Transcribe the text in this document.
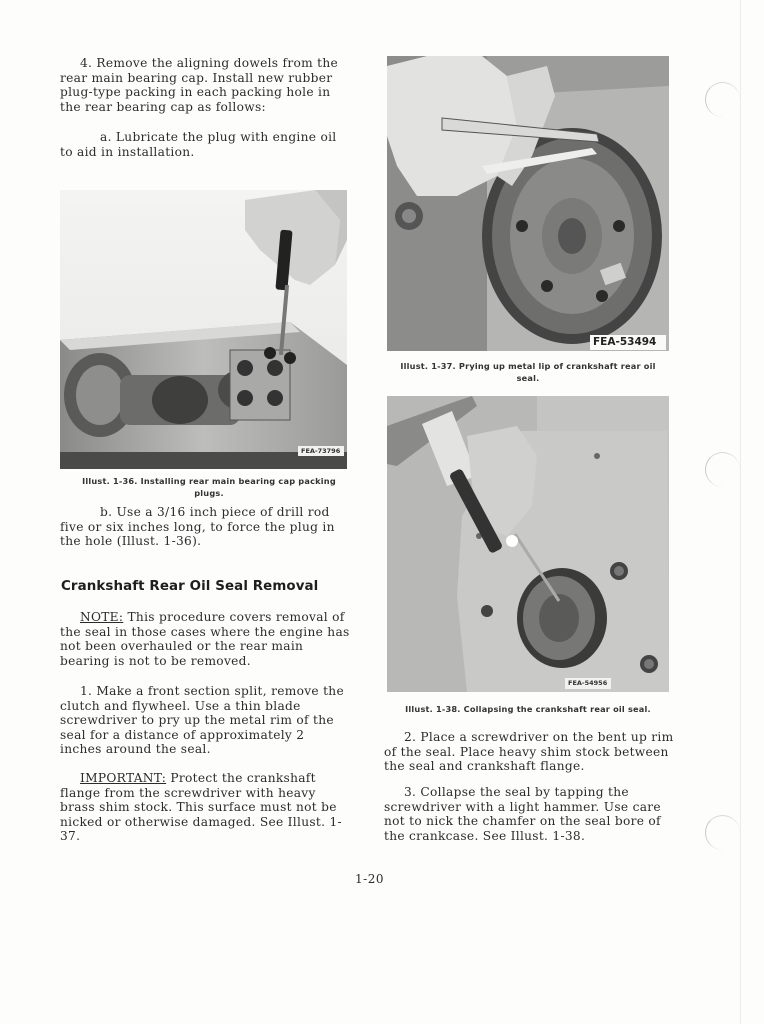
4. Remove the aligning dowels from the rear main bearing cap. Install new rubber plug-type packing in each packing hole in the rear bearing cap as follows:

a. Lubricate the plug with engine oil to aid in installation.

FEA-73796

Illust. 1-36. Installing rear main bearing cap packing plugs.

b. Use a 3/16 inch piece of drill rod five or six inches long, to force the plug in the hole (Illust. 1-36).

Crankshaft Rear Oil Seal Removal

NOTE: This procedure covers removal of the seal in those cases where the engine has not been overhauled or the rear main bearing is not to be removed.

1. Make a front section split, remove the clutch and flywheel. Use a thin blade screwdriver to pry up the metal rim of the seal for a distance of approximately 2 inches around the seal.

IMPORTANT: Protect the crankshaft flange from the screwdriver with heavy brass shim stock. This surface must not be nicked or otherwise damaged. See Illust. 1-37.

FEA-53494

Illust. 1-37. Prying up metal lip of crankshaft rear oil seal.

FEA-54956

Illust. 1-38. Collapsing the crankshaft rear oil seal.

2. Place a screwdriver on the bent up rim of the seal. Place heavy shim stock between the seal and crankshaft flange.

3. Collapse the seal by tapping the screwdriver with a light hammer. Use care not to nick the chamfer on the seal bore of the crankcase. See Illust. 1-38.

1-20
